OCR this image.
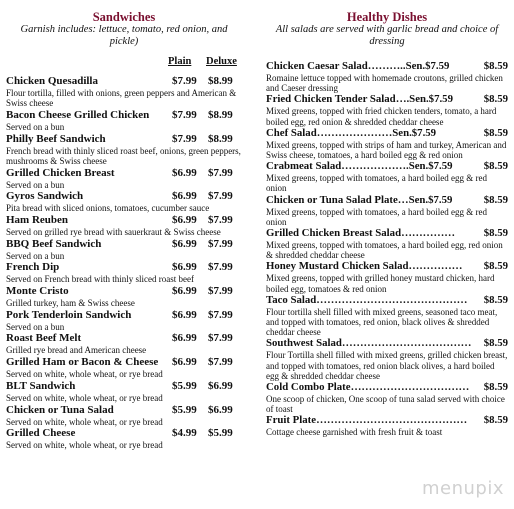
Sandwiches
Garnish includes: lettuce, tomato, red onion, and pickle)
Plain Deluxe
Chicken Quesadilla	$7.99 $8.99
Flour tortilla, filled with onions, green peppers and American & Swiss cheese
Bacon Cheese Grilled Chicken	$7.99 $8.99
Served on a bun
Philly Beef Sandwich	$7.99 $8.99
French bread with thinly sliced roast beef, onions, green peppers, mushrooms & Swiss cheese
Grilled Chicken Breast	$6.99 $7.99
Served on a bun
Gyros Sandwich	$6.99 $7.99
Pita bread with sliced onions, tomatoes, cucumber sauce
Ham Reuben	$6.99 $7.99
Served on grilled rye bread with sauerkraut & Swiss cheese
BBQ Beef Sandwich	$6.99 $7.99
Served on a bun
French Dip	$6.99 $7.99
Served on French bread with thinly sliced roast beef
Monte Cristo	$6.99 $7.99
Grilled turkey, ham & Swiss cheese
Pork Tenderloin Sandwich	$6.99 $7.99
Served on a bun
Roast Beef Melt	$6.99 $7.99
Grilled rye bread and American cheese
Grilled Ham or Bacon & Cheese	$6.99 $7.99
Served on white, whole wheat, or rye bread
BLT Sandwich	$5.99 $6.99
Served on white, whole wheat, or rye bread
Chicken or Tuna Salad	$5.99 $6.99
Served on white, whole wheat, or rye bread
Grilled Cheese	$4.99 $5.99
Served on white, whole wheat, or rye bread
Healthy Dishes
All salads are served with garlic bread and choice of dressing
Chicken Caesar Salad………..Sen.$7.59	$8.59
Romaine lettuce topped with homemade croutons, grilled chicken and Caeser dressing
Fried Chicken Tender Salad….Sen.$7.59	$8.59
Mixed greens, topped with fried chicken tenders, tomato, a hard boiled egg, red onion & shredded cheddar cheese
Chef Salad…………………Sen.$7.59	$8.59
Mixed greens, topped with strips of ham and turkey, American and Swiss cheese, tomatoes, a hard boiled egg & red onion
Crabmeat Salad……………….Sen.$7.59	$8.59
Mixed greens, topped with tomatoes, a hard boiled egg & red onion
Chicken or Tuna Salad Plate…Sen.$7.59	$8.59
Mixed greens, topped with tomatoes, a hard boiled egg & red onion
Grilled Chicken Breast Salad……………	$8.59
Mixed greens, topped with tomatoes, a hard boiled egg, red onion & shredded cheddar cheese
Honey Mustard Chicken Salad……………	$8.59
Mixed greens, topped with grilled honey mustard chicken, hard boiled egg, tomatoes & red onion
Taco Salad……………………………………	$8.59
Flour tortilla shell filled with mixed greens, seasoned taco meat, and topped with tomatoes, red onion, black olives & shredded cheddar cheese
Southwest Salad………………………………	$8.59
Flour Tortilla shell filled with mixed greens, grilled chicken breast, and topped with tomatoes, red onion black olives, a hard boiled egg & shredded cheddar cheese
Cold Combo Plate……………………………	$8.59
One scoop of chicken, One scoop of tuna salad served with choice of toast
Fruit Plate……………………………………	$8.59
Cottage cheese garnished with fresh fruit & toast
menupix
